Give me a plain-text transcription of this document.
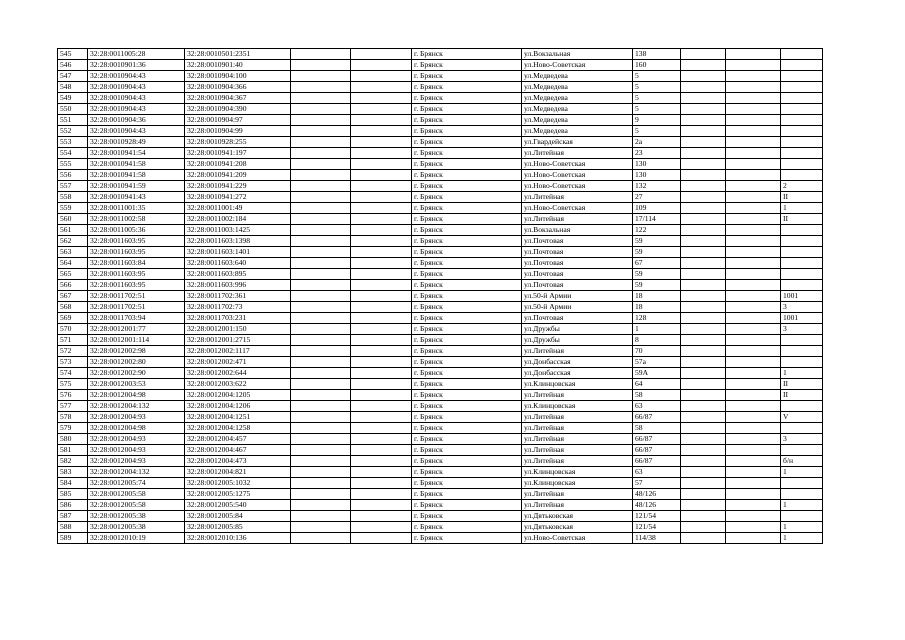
545	32:28:0011005:28	32:28:0010501:2351			г. Брянск	ул.Вокзальная	138			
546	32:28:0010901:36	32:28:0010901:40			г. Брянск	ул.Ново-Советская	160			
547	32:28:0010904:43	32:28:0010904:100			г. Брянск	ул.Медведева	5			
548	32:28:0010904:43	32:28:0010904:366			г. Брянск	ул.Медведева	5			
549	32:28:0010904:43	32:28:0010904:367			г. Брянск	ул.Медведева	5			
550	32:28:0010904:43	32:28:0010904:390			г. Брянск	ул.Медведева	5			
551	32:28:0010904:36	32:28:0010904:97			г. Брянск	ул.Медведева	9			
552	32:28:0010904:43	32:28:0010904:99			г. Брянск	ул.Медведева	5			
553	32:28:0010928:49	32:28:0010928:255			г. Брянск	ул.Гвардейская	2а			
554	32:28:0010941:54	32:28:0010941:197			г. Брянск	ул.Литейная	23			
555	32:28:0010941:58	32:28:0010941:208			г. Брянск	ул.Ново-Советская	130			
556	32:28:0010941:58	32:28:0010941:209			г. Брянск	ул.Ново-Советская	130			
557	32:28:0010941:59	32:28:0010941:229			г. Брянск	ул.Ново-Советская	132			2
558	32:28:0010941:43	32:28:0010941:272			г. Брянск	ул.Литейная	27			II
559	32:28:0011001:35	32:28:0011001:49			г. Брянск	ул.Ново-Советская	109			1
560	32:28:0011002:58	32:28:0011002:184			г. Брянск	ул.Литейная	17/114			II
561	32:28:0011005:36	32:28:0011003:1425			г. Брянск	ул.Вокзальная	122			
562	32:28:0011603:95	32:28:0011603:1398			г. Брянск	ул.Почтовая	59			
563	32:28:0011603:95	32:28:0011603:1401			г. Брянск	ул.Почтовая	59			
564	32:28:0011603:84	32:28:0011603:640			г. Брянск	ул.Почтовая	67			
565	32:28:0011603:95	32:28:0011603:895			г. Брянск	ул.Почтовая	59			
566	32:28:0011603:95	32:28:0011603:996			г. Брянск	ул.Почтовая	59			
567	32:28:0011702:51	32:28:0011702:361			г. Брянск	ул.50-й Армии	18			1001
568	32:28:0011702:51	32:28:0011702:73			г. Брянск	ул.50-й Армии	18			3
569	32:28:0011703:94	32:28:0011703:231			г. Брянск	ул.Почтовая	128			1001
570	32:28:0012001:77	32:28:0012001:150			г. Брянск	ул.Дружбы	1			3
571	32:28:0012001:114	32:28:0012001:2715			г. Брянск	ул.Дружбы	8			
572	32:28:0012002:98	32:28:0012002:1117			г. Брянск	ул.Литейная	70			
573	32:28:0012002:80	32:28:0012002:471			г. Брянск	ул.Донбасская	57а			
574	32:28:0012002:90	32:28:0012002:644			г. Брянск	ул.Донбасская	59А			1
575	32:28:0012003:53	32:28:0012003:622			г. Брянск	ул.Клинцовская	64			II
576	32:28:0012004:98	32:28:0012004:1205			г. Брянск	ул.Литейная	58			II
577	32:28:0012004:132	32:28:0012004:1206			г. Брянск	ул.Клинцовская	63			
578	32:28:0012004:93	32:28:0012004:1251			г. Брянск	ул.Литейная	66/87			V
579	32:28:0012004:98	32:28:0012004:1258			г. Брянск	ул.Литейная	58			
580	32:28:0012004:93	32:28:0012004:457			г. Брянск	ул.Литейная	66/87			3
581	32:28:0012004:93	32:28:0012004:467			г. Брянск	ул.Литейная	66/87			
582	32:28:0012004:93	32:28:0012004:473			г. Брянск	ул.Литейная	66/87			б/н
583	32:28:0012004:132	32:28:0012004:821			г. Брянск	ул.Клинцовская	63			1
584	32:28:0012005:74	32:28:0012005:1032			г. Брянск	ул.Клинцовская	57			
585	32:28:0012005:58	32:28:0012005:1275			г. Брянск	ул.Литейная	48/126			
586	32:28:0012005:58	32:28:0012005:540			г. Брянск	ул.Литейная	48/126			1
587	32:28:0012005:38	32:28:0012005:84			г. Брянск	ул.Дятьковская	121/54			
588	32:28:0012005:38	32:28:0012005:85			г. Брянск	ул.Дятьковская	121/54			1
589	32:28:0012010:19	32:28:0012010:136			г. Брянск	ул.Ново-Советская	114/38			1
